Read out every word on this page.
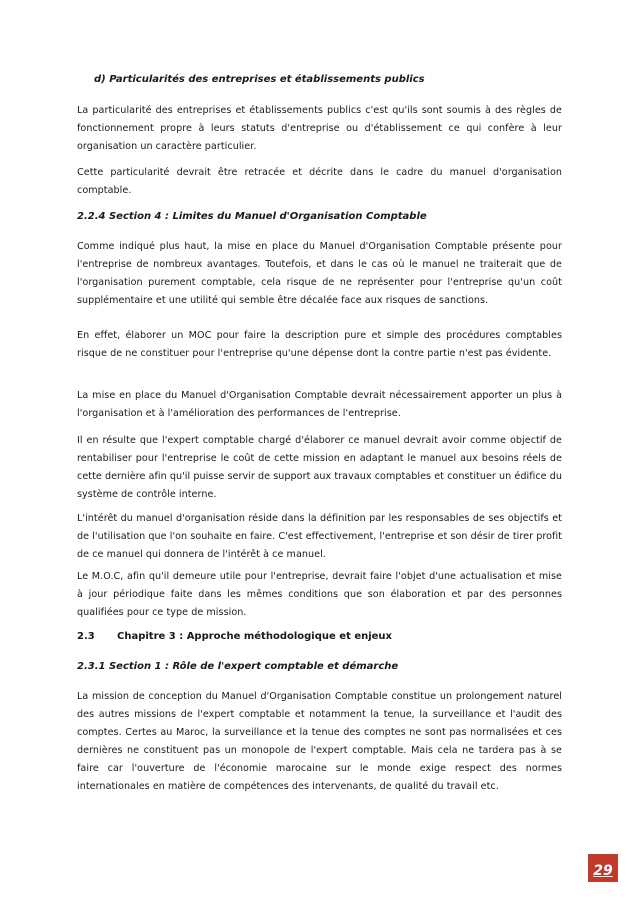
d) Particularités des entreprises et établissements publics

La particularité des entreprises et établissements publics c'est qu'ils sont soumis à des règles de fonctionnement propre à leurs statuts d'entreprise ou d'établissement ce qui confère à leur organisation un caractère particulier.

Cette particularité devrait être retracée et décrite dans le cadre du manuel d'organisation comptable.

2.2.4 Section 4 : Limites du Manuel d'Organisation Comptable

Comme indiqué plus haut, la mise en place du Manuel d'Organisation Comptable présente pour l'entreprise de nombreux avantages. Toutefois, et dans le cas où le manuel ne traiterait que de l'organisation purement comptable, cela risque de ne représenter pour l'entreprise qu'un coût supplémentaire et une utilité qui semble être décalée face aux risques de sanctions.

En effet, élaborer un MOC pour faire la description pure et simple des procédures comptables risque de ne constituer pour l'entreprise qu'une dépense dont la contre partie n'est pas évidente.

La mise en place du Manuel d'Organisation Comptable devrait nécessairement apporter un plus à l'organisation et à l'amélioration des performances de l'entreprise.

Il en résulte que l'expert comptable chargé d'élaborer ce manuel devrait avoir comme objectif de rentabiliser pour l'entreprise le coût de cette mission en adaptant le manuel aux besoins réels de cette dernière afin qu'il puisse servir de support aux travaux comptables et constituer un édifice du système de contrôle interne.

L'intérêt du manuel d'organisation réside dans la définition par les responsables de ses objectifs et de l'utilisation que l'on souhaite en faire. C'est effectivement, l'entreprise et son désir de tirer profit de ce manuel qui donnera de l'intérêt à ce manuel.

Le M.O.C, afin qu'il demeure utile pour l'entreprise, devrait faire l'objet d'une actualisation et mise à jour périodique faite dans les mêmes conditions que son élaboration et par des personnes qualifiées pour ce type de mission.

2.3 Chapitre 3 : Approche méthodologique et enjeux
2.3.1 Section 1 : Rôle de l'expert comptable et démarche

La mission de conception du Manuel d'Organisation Comptable constitue un prolongement naturel des autres missions de l'expert comptable et notamment la tenue, la surveillance et l'audit des comptes. Certes au Maroc, la surveillance et la tenue des comptes ne sont pas normalisées et ces dernières ne constituent pas un monopole de l'expert comptable. Mais cela ne tardera pas à se faire car l'ouverture de l'économie marocaine sur le monde exige respect des normes internationales en matière de compétences des intervenants, de qualité du travail etc.

29
